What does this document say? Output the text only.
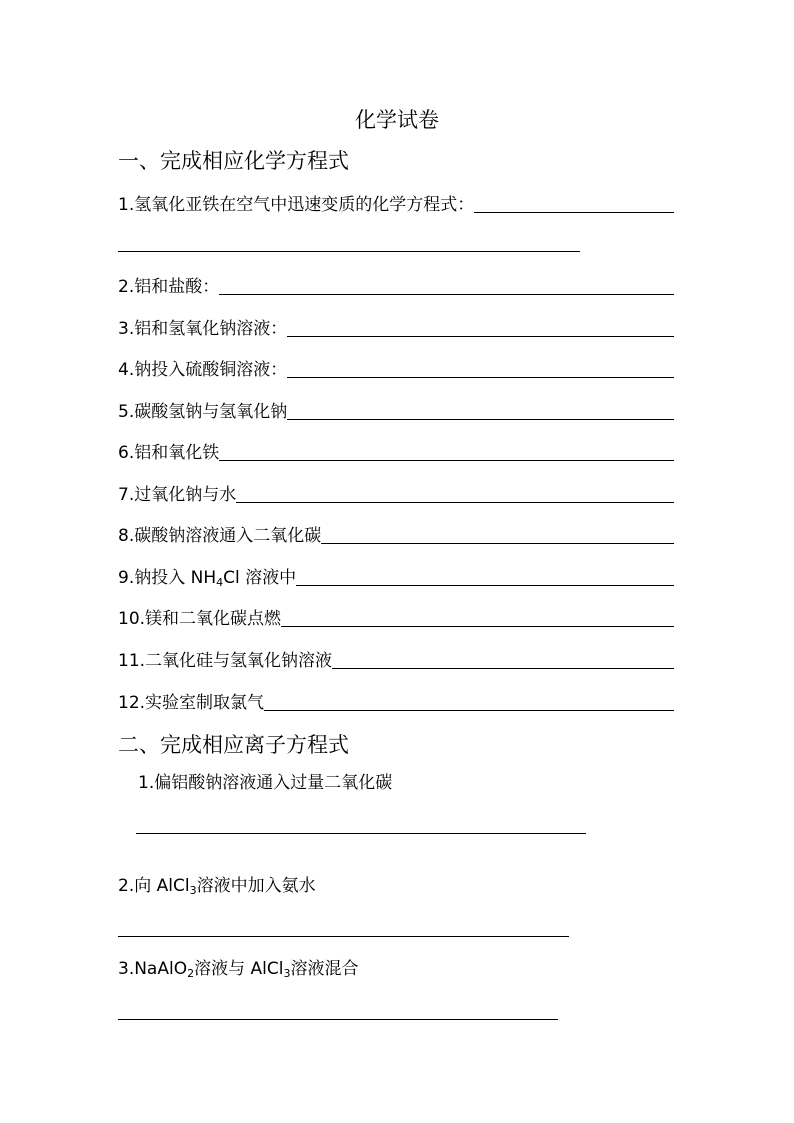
化学试卷
一、完成相应化学方程式
1.氢氧化亚铁在空气中迅速变质的化学方程式：
2.铝和盐酸：
3.铝和氢氧化钠溶液：
4.钠投入硫酸铜溶液：
5.碳酸氢钠与氢氧化钠
6.铝和氧化铁
7.过氧化钠与水
8.碳酸钠溶液通入二氧化碳
9.钠投入 $NH_4Cl$ 溶液中
10.镁和二氧化碳点燃
11.二氧化硅与氢氧化钠溶液
12.实验室制取氯气
二、完成相应离子方程式
1.偏铝酸钠溶液通入过量二氧化碳
2.向 AlCl$_3$溶液中加入氨水
3.NaAlO$_2$溶液与 AlCl$_3$溶液混合
